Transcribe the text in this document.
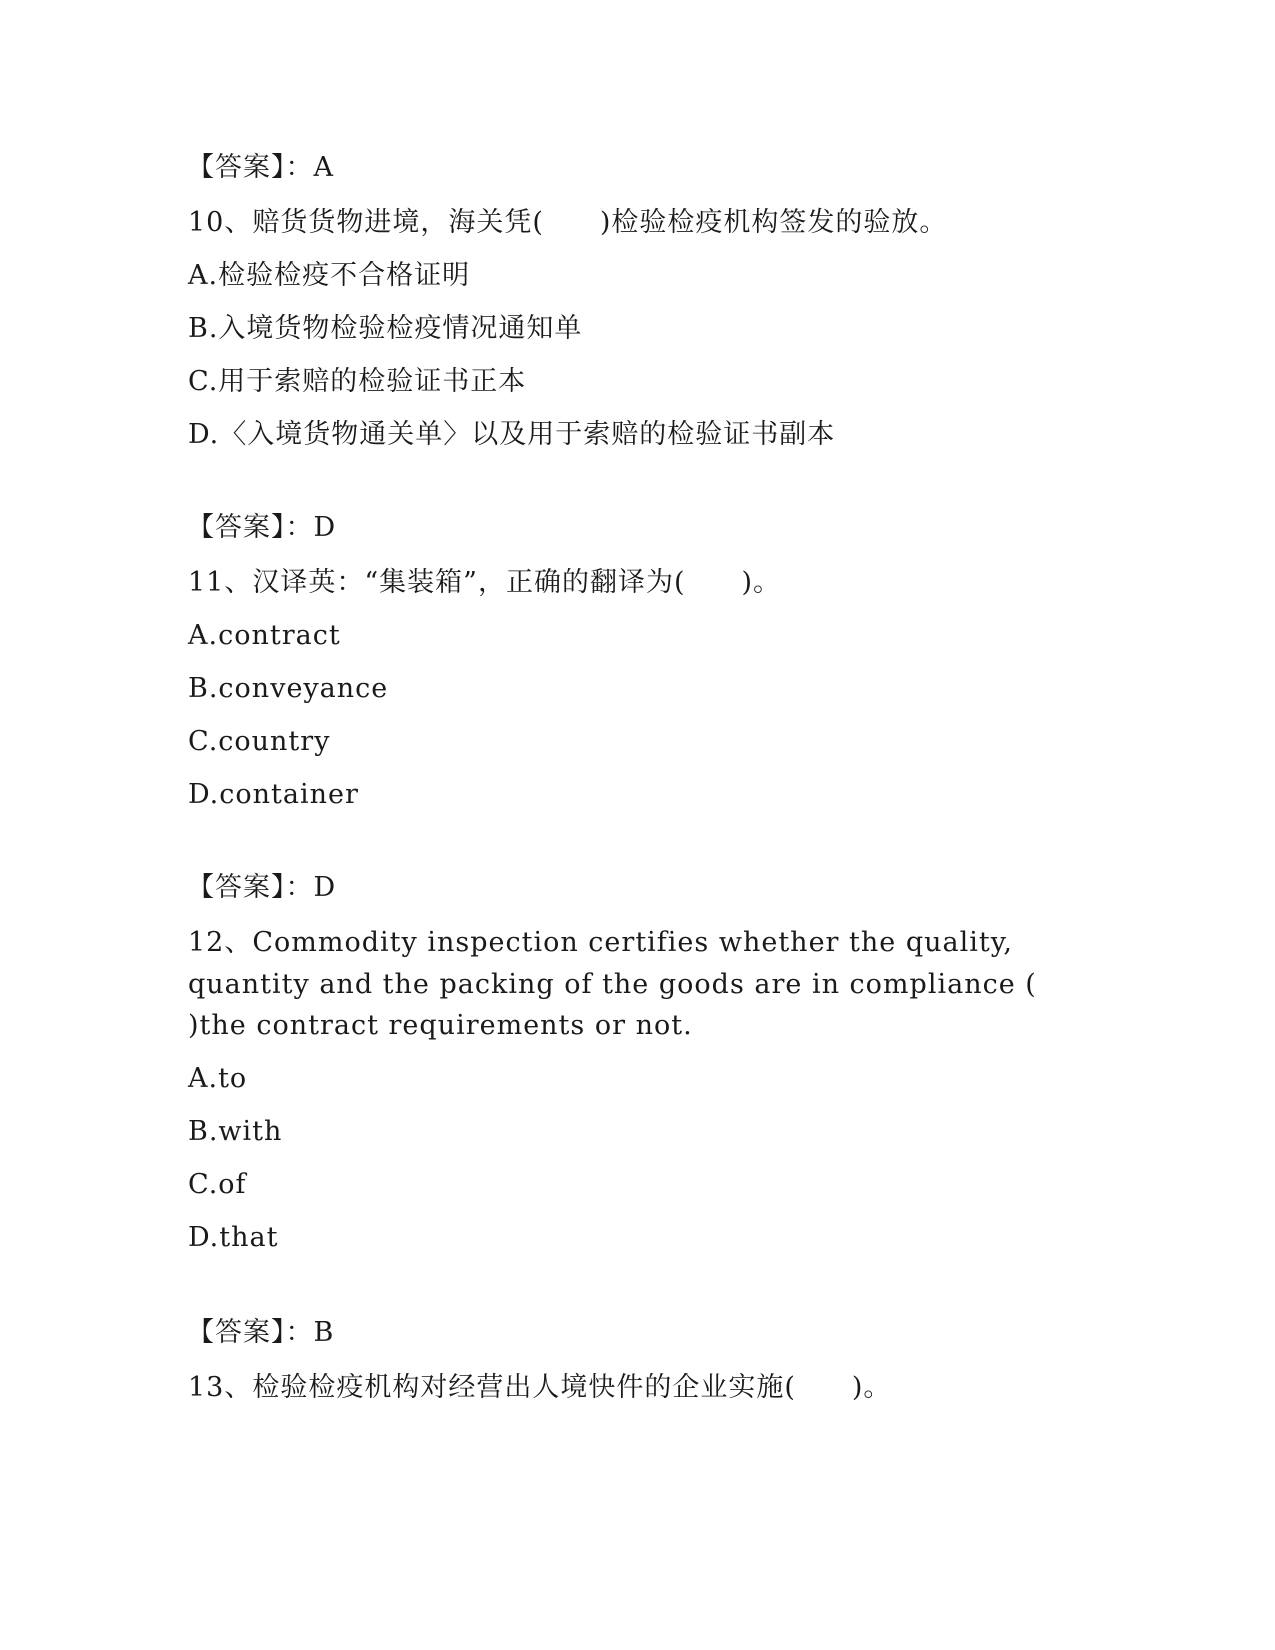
【答案】：A
10、赔货货物进境，海关凭(　　)检验检疫机构签发的验放。
A.检验检疫不合格证明
B.入境货物检验检疫情况通知单
C.用于索赔的检验证书正本
D.〈入境货物通关单〉以及用于索赔的检验证书副本
【答案】：D
11、汉译英：“集装箱”，正确的翻译为(　　)。
A.contract
B.conveyance
C.country
D.container
【答案】：D
12、Commodity inspection certifies whether the quality,
quantity and the packing of the goods are in compliance (
)the contract requirements or not.
A.to
B.with
C.of
D.that
【答案】：B
13、检验检疫机构对经营出人境快件的企业实施(　　)。
